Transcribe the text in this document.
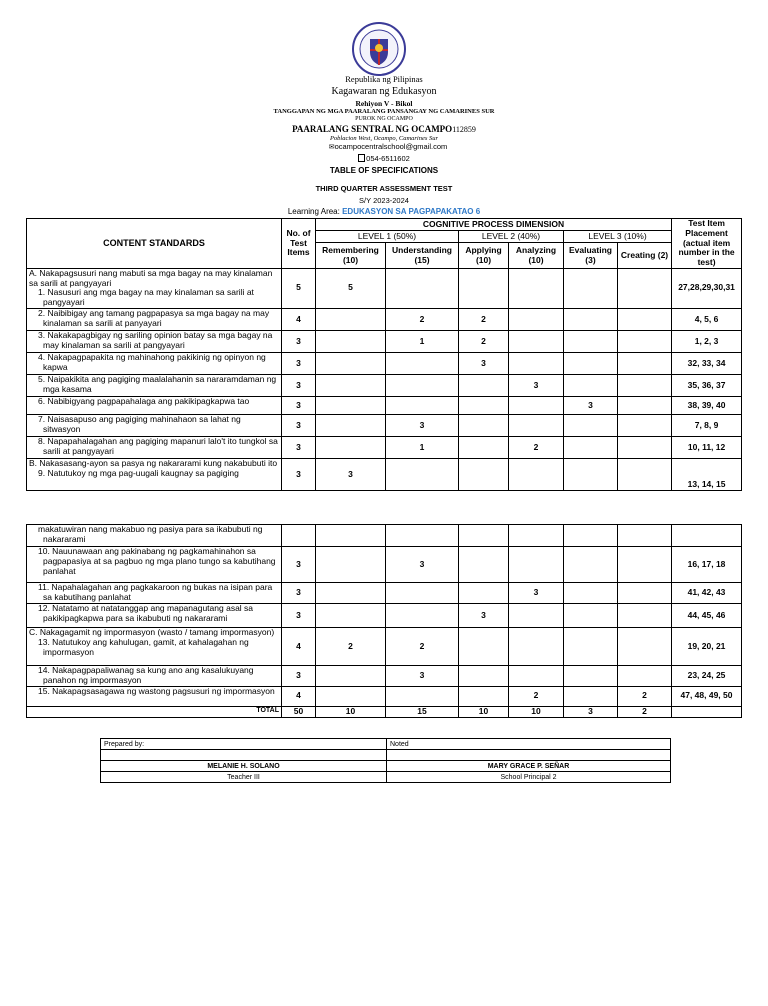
Republika ng Pilipinas
Kagawaran ng Edukasyon
Rehiyon V - Bikol
TANGGAPAN NG MGA PAARALANG PANSANGAY NG CAMARINES SUR
PUROK NG OCAMPO
PAARALANG SENTRAL NG OCAMPO112859
Poblacion West, Ocampo, Camarines Sur
✉ocampocentralschool@gmail.com
054-6511602
TABLE OF SPECIFICATIONS
THIRD QUARTER ASSESSMENT TEST
S/Y 2023-2024
Learning Area: EDUKASYON SA PAGPAPAKATAO 6
CONTENT STANDARDS	No. of Test Items	COGNITIVE PROCESS DIMENSION						Test Item Placement (actual item number in the test)
		LEVEL 1 (50%)		LEVEL 2 (40%)		LEVEL 3 (10%)		
		Remembering (10)	Understanding (15)	Applying (10)	Analyzing (10)	Evaluating (3)	Creating (2)	

A. Nakapagsusuri nang mabuti sa mga bagay na may kinalaman sa sarili at pangyayari
1. Nasusuri ang mga bagay na may kinalaman sa sarili at pangyayari	5	5						27,28,29,30,31

2. Naibibigay ang tamang pagpapasya sa mga bagay na may kinalaman sa sarili at panyayari	4		2	2				4, 5, 6

3. Nakakapagbigay ng sariling opinion batay sa mga bagay na may kinalaman sa sarili at pangyayari	3		1	2				1, 2, 3

4. Nakapagpapakita ng mahinahong pakikinig ng opinyon ng kapwa	3			3				32, 33, 34

5. Naipakikita ang pagiging maalalahanin sa nararamdaman ng mga kasama	3				3			35, 36, 37

6. Nabibigyang pagpapahalaga ang pakikipagkapwa tao	3					3		38, 39, 40

7. Naisasapuso ang pagiging mahinahaon sa lahat ng sitwasyon	3		3					7, 8, 9

8. Napapahalagahan ang pagiging mapanuri lalo't ito tungkol sa sarili at pangyayari	3		1		2			10, 11, 12

B. Nakasasang-ayon sa pasya ng nakararami kung nakabubuti ito
9. Natutukoy ng mga pag-uugali kaugnay sa pagiging	3	3						13, 14, 15
makatuwiran nang makabuo ng pasiya para sa ikabubuti ng nakararami								

10. Nauunawaan ang pakinabang ng pagkamahinahon sa pagpapasiya at sa pagbuo ng mga plano tungo sa kabutihang panlahat	3		3					16, 17, 18

11. Napahalagahan ang pagkakaroon ng bukas na isipan para sa kabutihang panlahat	3				3			41, 42, 43

12. Natatamo at natatanggap ang mapanagutang asal sa pakikipagkapwa para sa ikabubuti ng nakararami	3			3				44, 45, 46

C. Nakagagamit ng impormasyon (wasto / tamang impormasyon)
13. Natutukoy ang kahulugan, gamit, at kahalagahan ng impormasyon	4	2	2					19, 20, 21

14. Nakapagpapaliwanag sa kung ano ang kasalukuyang panahon ng impormasyon	3		3					23, 24, 25

15. Nakapagsasagawa ng wastong pagsusuri ng impormasyon	4				2		2	47, 48, 49, 50
TOTAL	50	10	15	10	10	3	2	
Prepared by:	Noted

MELANIE H. SOLANO	MARY GRACE P. SEÑAR
Teacher III	School Principal 2
